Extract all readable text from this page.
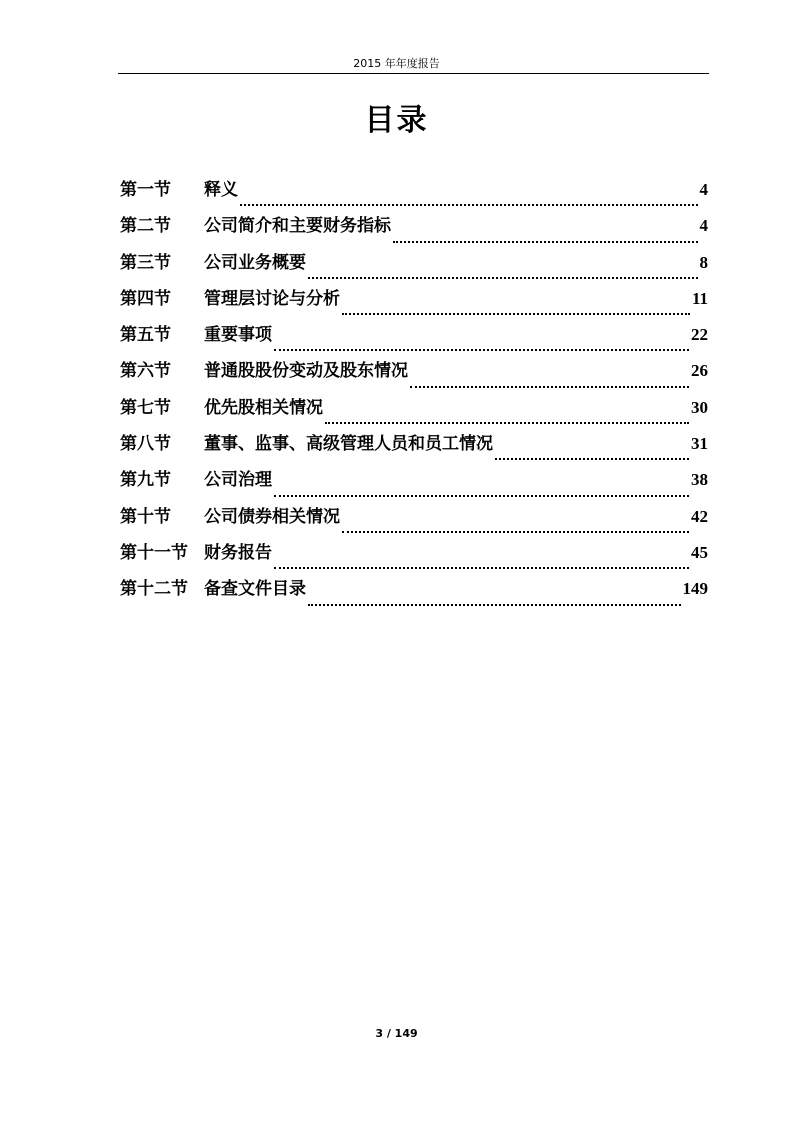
2015 年年度报告
目录
第一节	释义	4
第二节	公司简介和主要财务指标	4
第三节	公司业务概要	8
第四节	管理层讨论与分析	11
第五节	重要事项	22
第六节	普通股股份变动及股东情况	26
第七节	优先股相关情况	30
第八节	董事、监事、高级管理人员和员工情况	31
第九节	公司治理	38
第十节	公司债券相关情况	42
第十一节 财务报告	45
第十二节 备查文件目录	149
3 / 149
